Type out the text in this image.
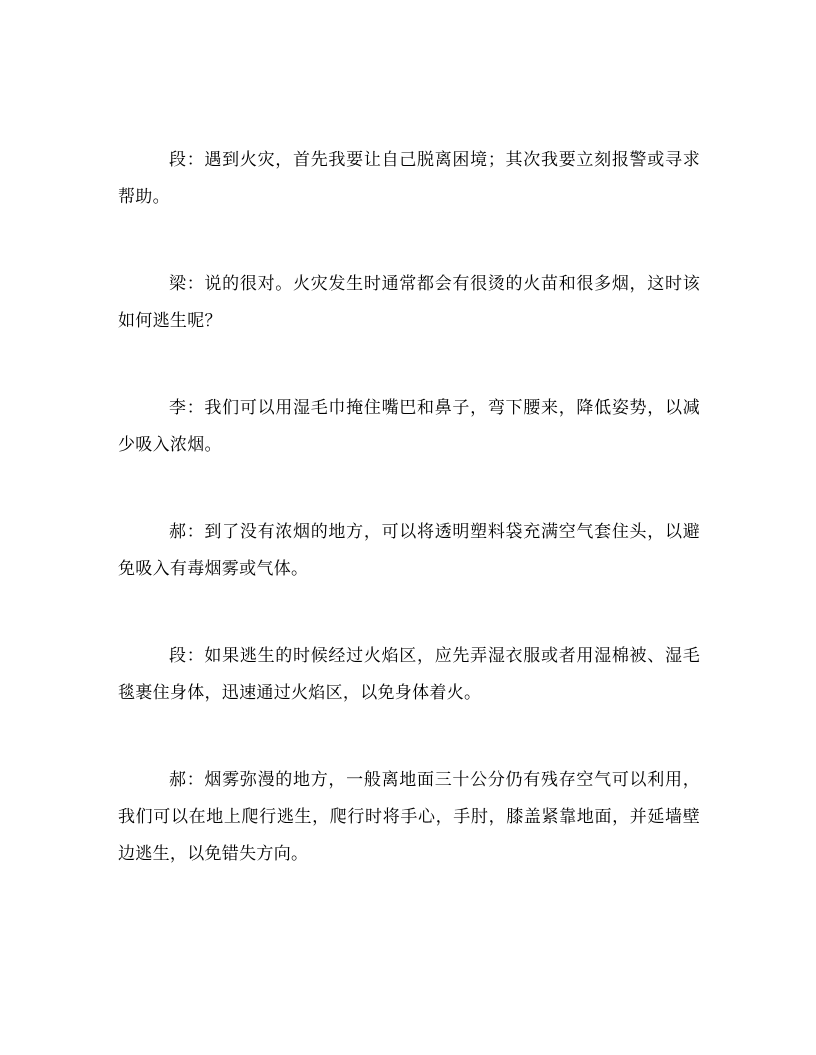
段：遇到火灾，首先我要让自己脱离困境；其次我要立刻报警或寻求帮助。

梁：说的很对。火灾发生时通常都会有很烫的火苗和很多烟，这时该如何逃生呢？

李：我们可以用湿毛巾掩住嘴巴和鼻子，弯下腰来，降低姿势，以减少吸入浓烟。

郝：到了没有浓烟的地方，可以将透明塑料袋充满空气套住头，以避免吸入有毒烟雾或气体。

段：如果逃生的时候经过火焰区，应先弄湿衣服或者用湿棉被、湿毛毯裹住身体，迅速通过火焰区，以免身体着火。

郝：烟雾弥漫的地方，一般离地面三十公分仍有残存空气可以利用，我们可以在地上爬行逃生，爬行时将手心，手肘，膝盖紧靠地面，并延墙壁边逃生，以免错失方向。
